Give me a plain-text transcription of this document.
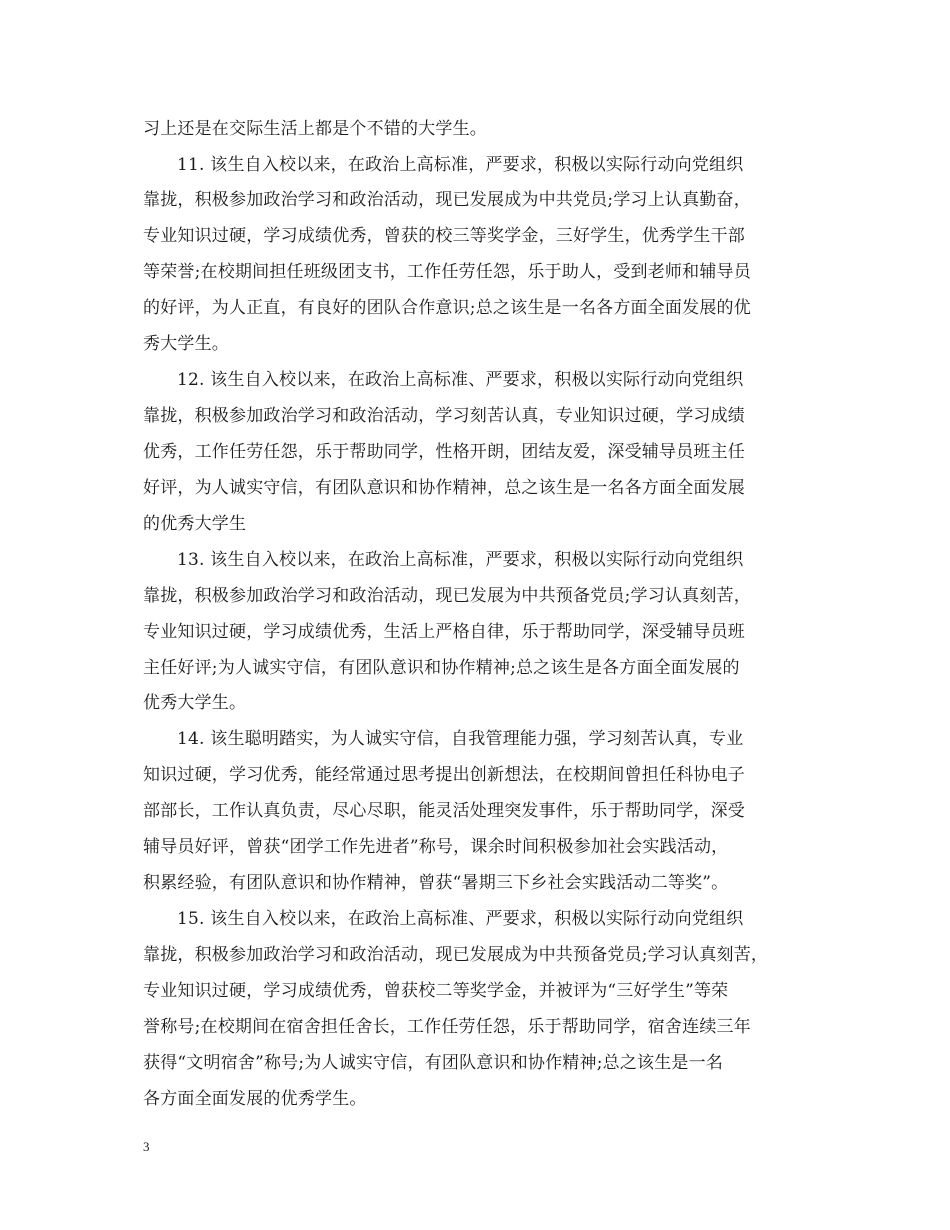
习上还是在交际生活上都是个不错的大学生。
11. 该生自入校以来，在政治上高标准，严要求，积极以实际行动向党组织
靠拢，积极参加政治学习和政治活动，现已发展成为中共党员;学习上认真勤奋，
专业知识过硬，学习成绩优秀，曾获的校三等奖学金，三好学生，优秀学生干部
等荣誉;在校期间担任班级团支书，工作任劳任怨，乐于助人，受到老师和辅导员
的好评，为人正直，有良好的团队合作意识;总之该生是一名各方面全面发展的优
秀大学生。
12. 该生自入校以来，在政治上高标准、严要求，积极以实际行动向党组织
靠拢，积极参加政治学习和政治活动，学习刻苦认真，专业知识过硬，学习成绩
优秀，工作任劳任怨，乐于帮助同学，性格开朗，团结友爱，深受辅导员班主任
好评，为人诚实守信，有团队意识和协作精神，总之该生是一名各方面全面发展
的优秀大学生
13. 该生自入校以来，在政治上高标准，严要求，积极以实际行动向党组织
靠拢，积极参加政治学习和政治活动，现已发展为中共预备党员;学习认真刻苦，
专业知识过硬，学习成绩优秀，生活上严格自律，乐于帮助同学，深受辅导员班
主任好评;为人诚实守信，有团队意识和协作精神;总之该生是各方面全面发展的
优秀大学生。
14. 该生聪明踏实，为人诚实守信，自我管理能力强，学习刻苦认真，专业
知识过硬，学习优秀，能经常通过思考提出创新想法，在校期间曾担任科协电子
部部长，工作认真负责，尽心尽职，能灵活处理突发事件，乐于帮助同学，深受
辅导员好评，曾获“团学工作先进者”称号，课余时间积极参加社会实践活动，
积累经验，有团队意识和协作精神，曾获“暑期三下乡社会实践活动二等奖”。
15. 该生自入校以来，在政治上高标准、严要求，积极以实际行动向党组织
靠拢，积极参加政治学习和政治活动，现已发展成为中共预备党员;学习认真刻苦，
专业知识过硬，学习成绩优秀，曾获校二等奖学金，并被评为“三好学生”等荣
誉称号;在校期间在宿舍担任舍长，工作任劳任怨，乐于帮助同学，宿舍连续三年
获得“文明宿舍”称号;为人诚实守信，有团队意识和协作精神;总之该生是一名
各方面全面发展的优秀学生。
3
